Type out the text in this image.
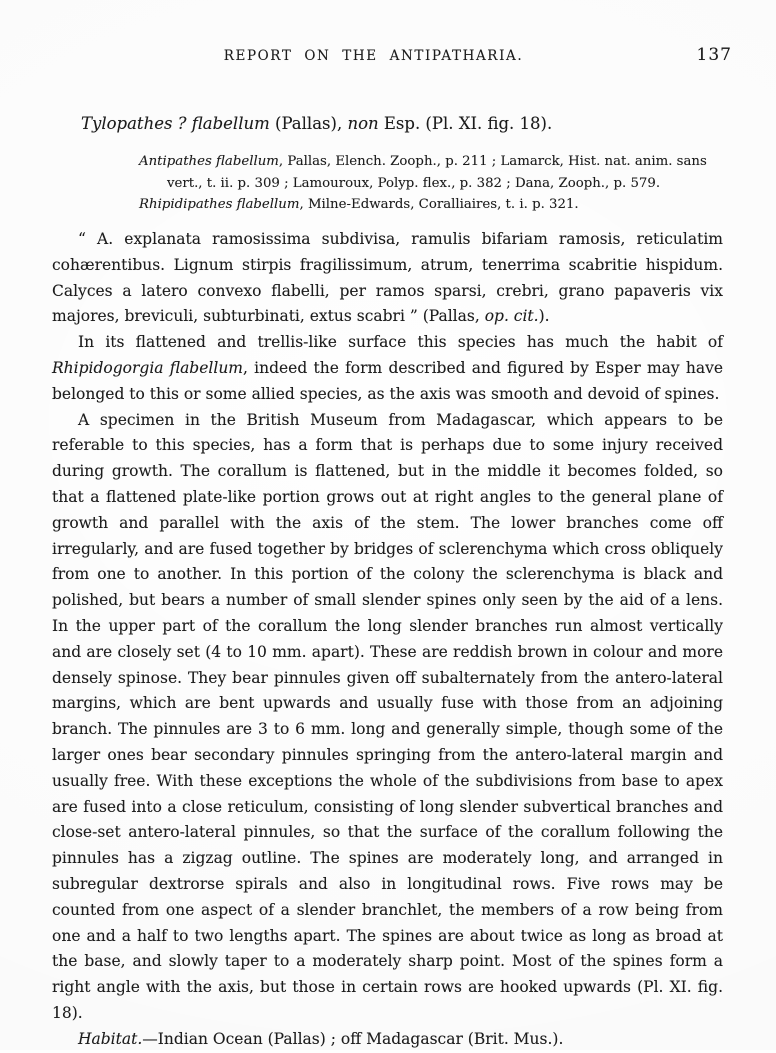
REPORT ON THE ANTIPATHARIA.	137
Tylopathes ? flabellum (Pallas), non Esp. (Pl. XI. fig. 18).

Antipathes flabellum, Pallas, Elench. Zooph., p. 211 ; Lamarck, Hist. nat. anim. sans vert., t. ii. p. 309 ; Lamouroux, Polyp. flex., p. 382 ; Dana, Zooph., p. 579.

Rhipidipathes flabellum, Milne-Edwards, Coralliaires, t. i. p. 321.

“ A. explanata ramosissima subdivisa, ramulis bifariam ramosis, reticulatim cohærentibus. Lignum stirpis fragilissimum, atrum, tenerrima scabritie hispidum. Calyces a latero convexo flabelli, per ramos sparsi, crebri, grano papaveris vix majores, breviculi, subturbinati, extus scabri ” (Pallas, op. cit.).

In its flattened and trellis-like surface this species has much the habit of Rhipidogorgia flabellum, indeed the form described and figured by Esper may have belonged to this or some allied species, as the axis was smooth and devoid of spines.

A specimen in the British Museum from Madagascar, which appears to be referable to this species, has a form that is perhaps due to some injury received during growth. The corallum is flattened, but in the middle it becomes folded, so that a flattened plate-like portion grows out at right angles to the general plane of growth and parallel with the axis of the stem. The lower branches come off irregularly, and are fused together by bridges of sclerenchyma which cross obliquely from one to another. In this portion of the colony the sclerenchyma is black and polished, but bears a number of small slender spines only seen by the aid of a lens. In the upper part of the corallum the long slender branches run almost vertically and are closely set (4 to 10 mm. apart). These are reddish brown in colour and more densely spinose. They bear pinnules given off subalternately from the antero-lateral margins, which are bent upwards and usually fuse with those from an adjoining branch. The pinnules are 3 to 6 mm. long and generally simple, though some of the larger ones bear secondary pinnules springing from the antero-lateral margin and usually free. With these exceptions the whole of the subdivisions from base to apex are fused into a close reticulum, consisting of long slender subvertical branches and close-set antero-lateral pinnules, so that the surface of the corallum following the pinnules has a zigzag outline. The spines are moderately long, and arranged in subregular dextrorse spirals and also in longitudinal rows. Five rows may be counted from one aspect of a slender branchlet, the members of a row being from one and a half to two lengths apart. The spines are about twice as long as broad at the base, and slowly taper to a moderately sharp point. Most of the spines form a right angle with the axis, but those in certain rows are hooked upwards (Pl. XI. fig. 18).

Habitat.—Indian Ocean (Pallas) ; off Madagascar (Brit. Mus.).
